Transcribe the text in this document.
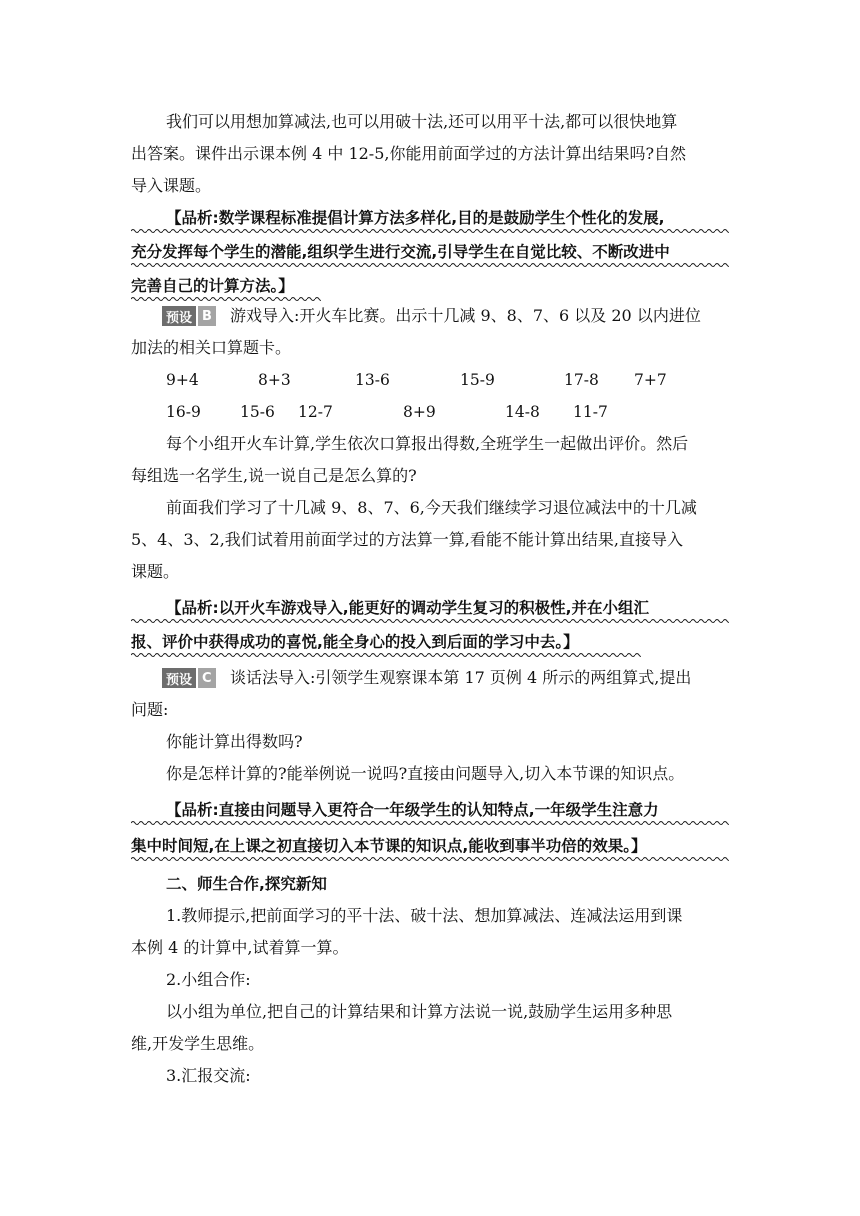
我们可以用想加算减法,也可以用破十法,还可以用平十法,都可以很快地算
出答案。课件出示课本例 4 中 12-5,你能用前面学过的方法计算出结果吗?自然
导入课题。
【品析:数学课程标准提倡计算方法多样化,目的是鼓励学生个性化的发展,
充分发挥每个学生的潜能,组织学生进行交流,引导学生在自觉比较、不断改进中
完善自己的计算方法。】
预设 B 游戏导入:开火车比赛。出示十几减 9、8、7、6 以及 20 以内进位
加法的相关口算题卡。
9+4	8+3	13-6	15-9	17-8 7+7
16-9	15-6 12-7	8+9	14-8 11-7
每个小组开火车计算,学生依次口算报出得数,全班学生一起做出评价。然后
每组选一名学生,说一说自己是怎么算的?
前面我们学习了十几减 9、8、7、6,今天我们继续学习退位减法中的十几减
5、4、3、2,我们试着用前面学过的方法算一算,看能不能计算出结果,直接导入
课题。
【品析:以开火车游戏导入,能更好的调动学生复习的积极性,并在小组汇
报、评价中获得成功的喜悦,能全身心的投入到后面的学习中去。】
预设 C 谈话法导入:引领学生观察课本第 17 页例 4 所示的两组算式,提出
问题:
你能计算出得数吗?
你是怎样计算的?能举例说一说吗?直接由问题导入,切入本节课的知识点。
【品析:直接由问题导入更符合一年级学生的认知特点,一年级学生注意力
集中时间短,在上课之初直接切入本节课的知识点,能收到事半功倍的效果。】
二、师生合作,探究新知
1.教师提示,把前面学习的平十法、破十法、想加算减法、连减法运用到课
本例 4 的计算中,试着算一算。
2.小组合作:
以小组为单位,把自己的计算结果和计算方法说一说,鼓励学生运用多种思
维,开发学生思维。
3.汇报交流:
